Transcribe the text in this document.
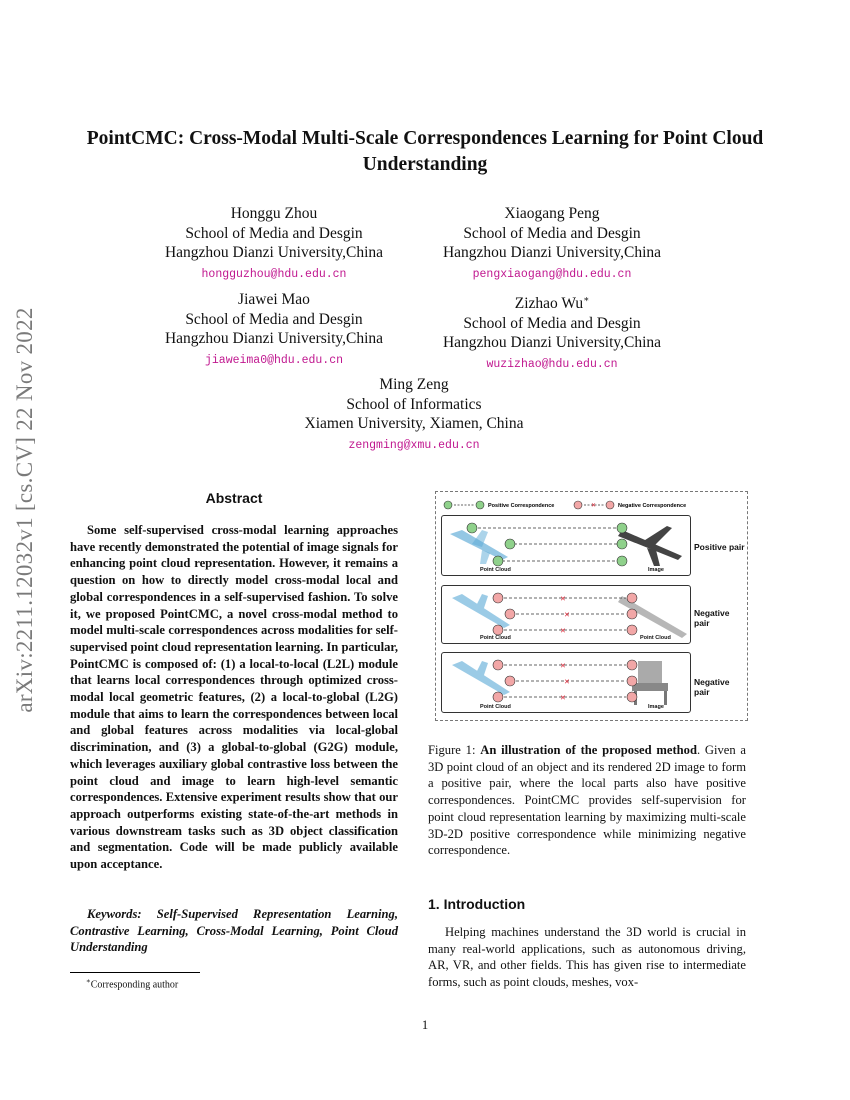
arXiv:2211.12032v1 [cs.CV] 22 Nov 2022
PointCMC: Cross-Modal Multi-Scale Correspondences Learning for Point Cloud Understanding
Honggu Zhou
School of Media and Desgin
Hangzhou Dianzi University,China
hongguzhou@hdu.edu.cn
Xiaogang Peng
School of Media and Desgin
Hangzhou Dianzi University,China
pengxiaogang@hdu.edu.cn
Jiawei Mao
School of Media and Desgin
Hangzhou Dianzi University,China
jiaweima0@hdu.edu.cn
Zizhao Wu∗
School of Media and Desgin
Hangzhou Dianzi University,China
wuzizhao@hdu.edu.cn
Ming Zeng
School of Informatics
Xiamen University, Xiamen, China
zengming@xmu.edu.cn
Abstract
Some self-supervised cross-modal learning approaches have recently demonstrated the potential of image signals for enhancing point cloud representation. However, it remains a question on how to directly model cross-modal local and global correspondences in a self-supervised fashion. To solve it, we proposed PointCMC, a novel cross-modal method to model multi-scale correspondences across modalities for self-supervised point cloud representation learning. In particular, PointCMC is composed of: (1) a local-to-local (L2L) module that learns local correspondences through optimized cross-modal local geometric features, (2) a local-to-global (L2G) module that aims to learn the correspondences between local and global features across modalities via local-global discrimination, and (3) a global-to-global (G2G) module, which leverages auxiliary global contrastive loss between the point cloud and image to learn high-level semantic correspondences. Extensive experiment results show that our approach outperforms existing state-of-the-art methods in various downstream tasks such as 3D object classification and segmentation. Code will be made publicly available upon acceptance.
Keywords: Self-Supervised Representation Learning, Contrastive Learning, Cross-Modal Learning, Point Cloud Understanding
∗Corresponding author
Positive Correspondence	✕	Negative Correspondence
Point Cloud	Image
Positive pair
✕
✕
✕
Point Cloud	Point Cloud
Negative pair
✕
✕
✕
Point Cloud	Image
Negative pair
Figure 1: An illustration of the proposed method. Given a 3D point cloud of an object and its rendered 2D image to form a positive pair, where the local parts also have positive correspondences. PointCMC provides self-supervision for point cloud representation learning by maximizing multi-scale 3D-2D positive correspondence while minimizing negative correspondence.
1. Introduction
Helping machines understand the 3D world is crucial in many real-world applications, such as autonomous driving, AR, VR, and other fields. This has given rise to intermediate forms, such as point clouds, meshes, vox-
1
